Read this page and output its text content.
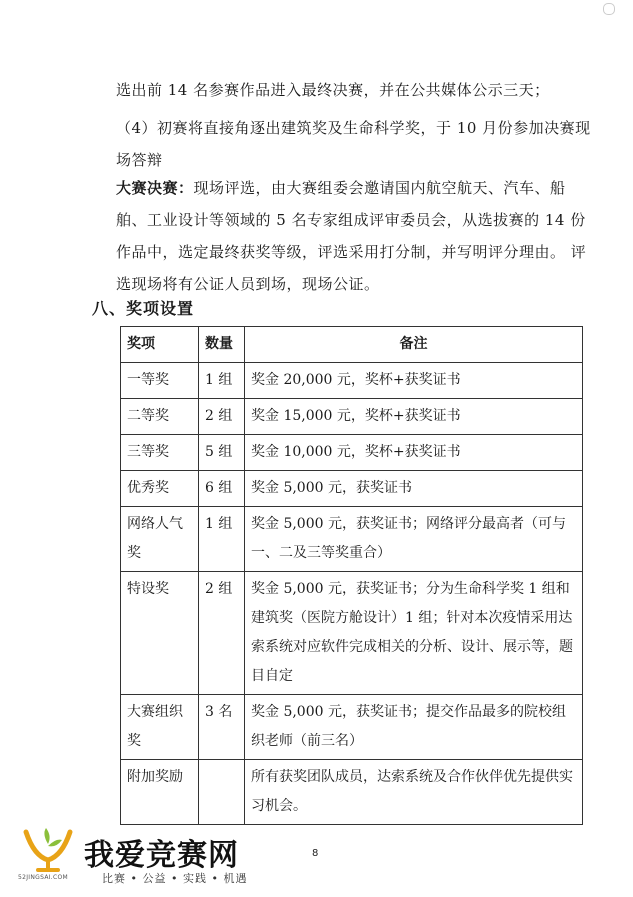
选出前 14 名参赛作品进入最终决赛，并在公共媒体公示三天；

（4）初赛将直接角逐出建筑奖及生命科学奖，于 10 月份参加决赛现场答辩

大赛决赛：现场评选，由大赛组委会邀请国内航空航天、汽车、船舶、工业设计等领域的 5 名专家组成评审委员会，从选拔赛的 14 份作品中，选定最终获奖等级，评选采用打分制，并写明评分理由。 评选现场将有公证人员到场，现场公证。

八、奖项设置
奖项	数量	备注
一等奖	1 组	奖金 20,000 元，奖杯+获奖证书
二等奖	2 组	奖金 15,000 元，奖杯+获奖证书
三等奖	5 组	奖金 10,000 元，奖杯+获奖证书
优秀奖	6 组	奖金 5,000 元，获奖证书
网络人气奖	1 组	奖金 5,000 元，获奖证书；网络评分最高者（可与一、二及三等奖重合）
特设奖	2 组	奖金 5,000 元，获奖证书；分为生命科学奖 1 组和建筑奖（医院方舱设计）1 组；针对本次疫情采用达索系统对应软件完成相关的分析、设计、展示等，题目自定
大赛组织奖	3 名	奖金 5,000 元，获奖证书；提交作品最多的院校组织老师（前三名）
附加奖励		所有获奖团队成员，达索系统及合作伙伴优先提供实习机会。
我爱竞赛网
52JINGSAI.COM	比赛 • 公益 • 实践 • 机遇
8
